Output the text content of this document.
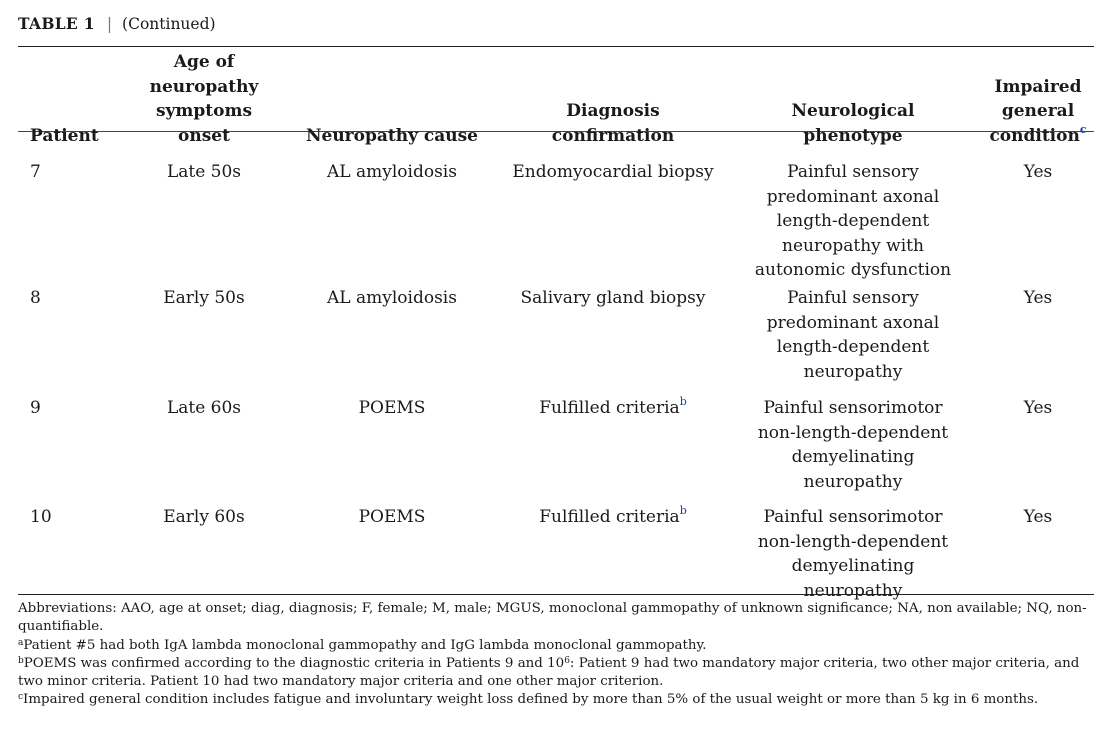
TABLE 1 | (Continued)
Patient	Age of
neuropathy
symptoms onset	Neuropathy cause	Diagnosis confirmation	Neurological
phenotype	Impaired
general
condition$^c$
7	Late 50s	AL amyloidosis	Endomyocardial biopsy	Painful sensory
predominant axonal
length-dependent
neuropathy with
autonomic dysfunction	Yes
8	Early 50s	AL amyloidosis	Salivary gland biopsy	Painful sensory
predominant axonal
length-dependent
neuropathy	Yes
9	Late 60s	POEMS	Fulfilled criteria$^b$	Painful sensorimotor
non-length-dependent
demyelinating
neuropathy	Yes
10	Early 60s	POEMS	Fulfilled criteria$^b$	Painful sensorimotor
non-length-dependent
demyelinating
neuropathy	Yes

Abbreviations: AAO, age at onset; diag, diagnosis; F, female; M, male; MGUS, monoclonal gammopathy of unknown significance; NA, non available; NQ, non-quantifiable.

$^a$Patient #5 had both IgA lambda monoclonal gammopathy and IgG lambda monoclonal gammopathy.

$^b$POEMS was confirmed according to the diagnostic criteria in Patients 9 and $10^6$: Patient 9 had two mandatory major criteria, two other major criteria, and two minor criteria. Patient 10 had two mandatory major criteria and one other major criterion.

$^c$Impaired general condition includes fatigue and involuntary weight loss defined by more than 5% of the usual weight or more than 5 kg in 6 months.
